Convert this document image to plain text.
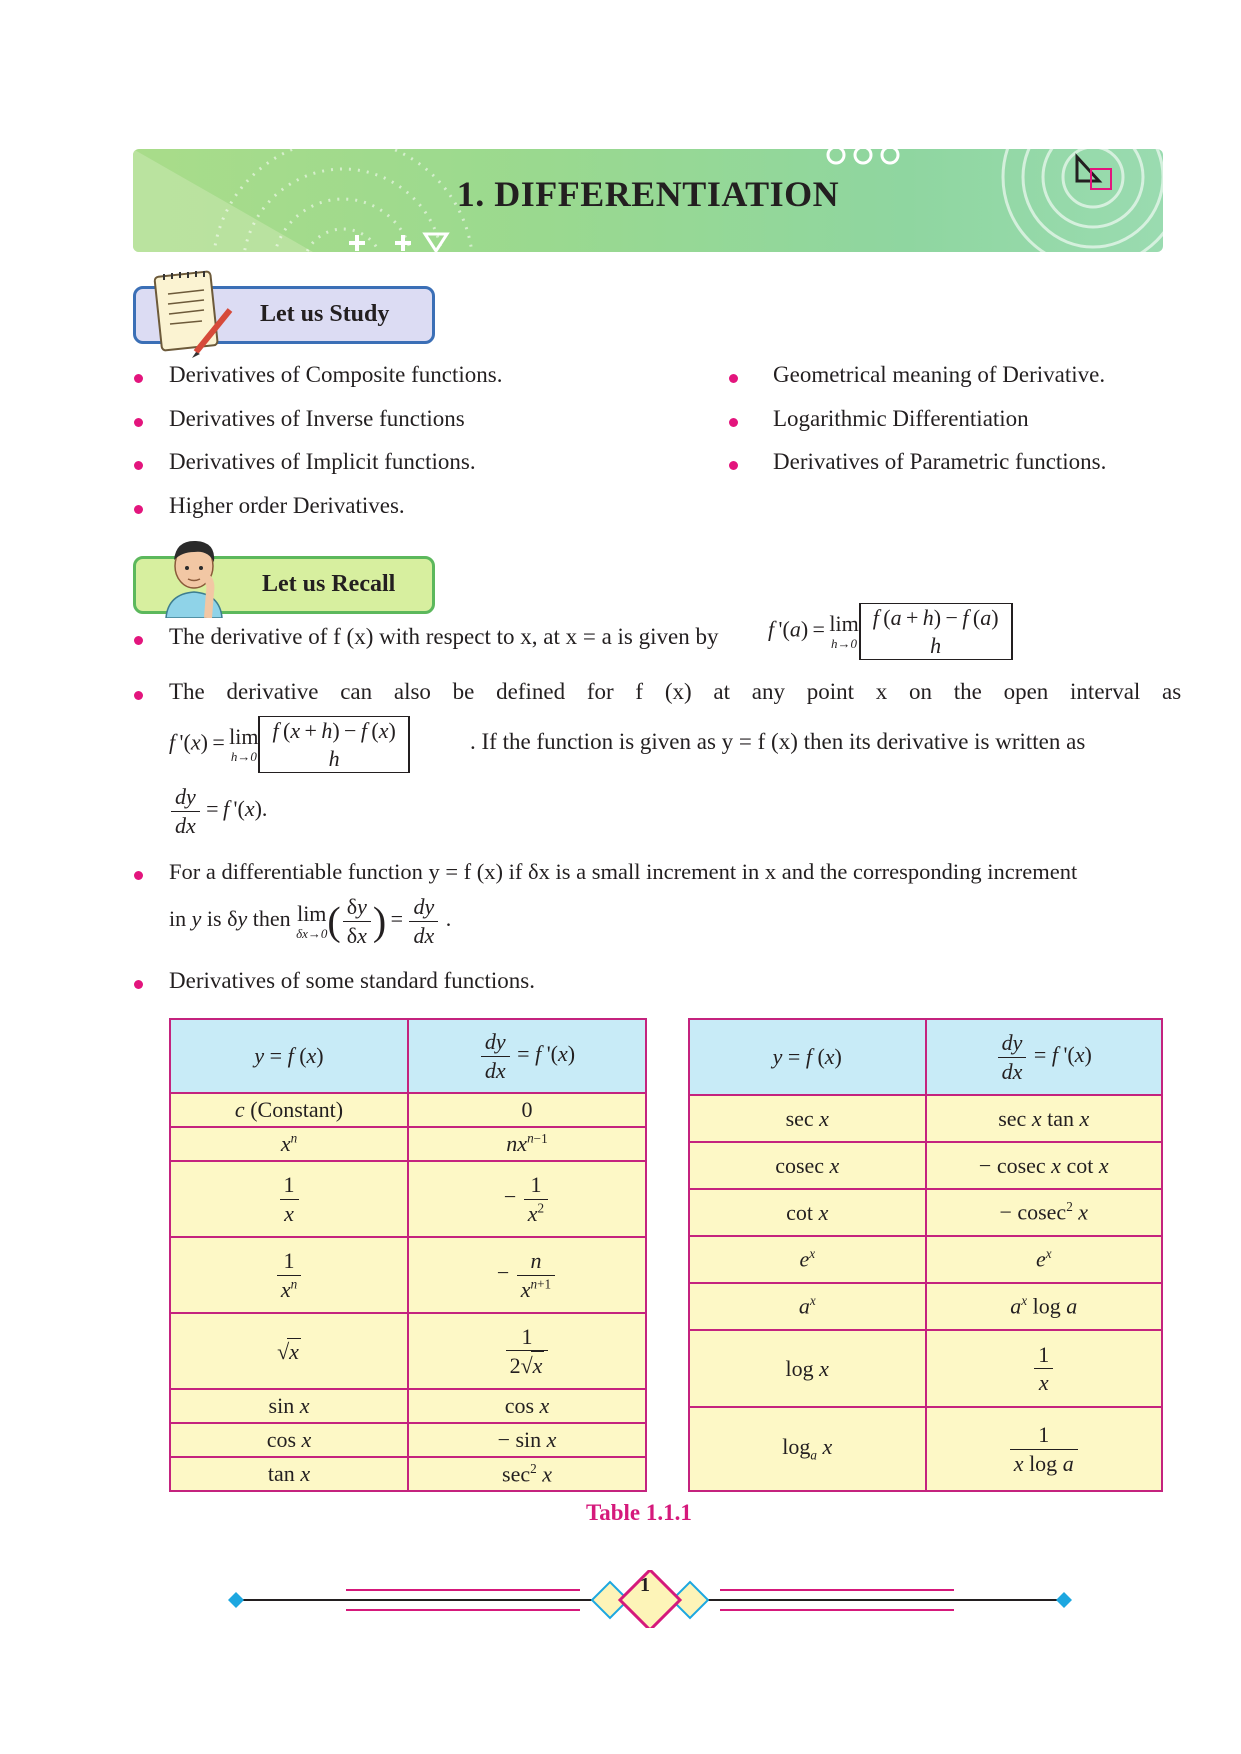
1. DIFFERENTIATION
Let us Study
Derivatives of Composite functions.
Derivatives of Inverse functions
Derivatives of Implicit functions.
Higher order Derivatives.
Geometrical meaning of Derivative.
Logarithmic Differentiation
Derivatives of Parametric functions.
Let us Recall
The derivative of f (x) with respect to x, at x = a is given by f '(a) = lim
h→0
f (a + h) − f (a)
h
The derivative can also be defined for f (x) at any point x on the open interval as
f '(x) = lim
h→0
f (x + h) − f (x)
h
. If the function is given as y = f (x) then its derivative is written as
$\frac{dy}{dx} = f$ '(x).
For a differentiable function y = f (x) if δx is a small increment in x and the corresponding increment
in y is δy then lim
δx→0 ( $\frac{\delta y}{\delta x}$ ) =  $\frac{dy}{dx}$ .
Derivatives of some standard functions.
y = f (x)	$\frac{dy}{dx} = f$ '(x)
c (Constant)	0
$x^n$	$nx^{n-1}$

$\frac{1}{x}$	− $\frac{1}{x^2}$

$\frac{1}{x^n}$	− $\frac{n}{x^{n+1}}$

√x	$\frac{1}{2√x}$

sin x	cos x
cos x	− sin x
tan x	$\sec^2 x$
y = f (x)	$\frac{dy}{dx} = f$ '(x)
sec x	sec x tan x
cosec x	− cosec x cot x
cot x	− cosec$^2$ x
$e^x$	$e^x$
$a^x$	$a^x$ log a
log x	$\frac{1}{x}$

$\log_a x$	$\frac{1}{\text{x log a}}$
Table 1.1.1
1
